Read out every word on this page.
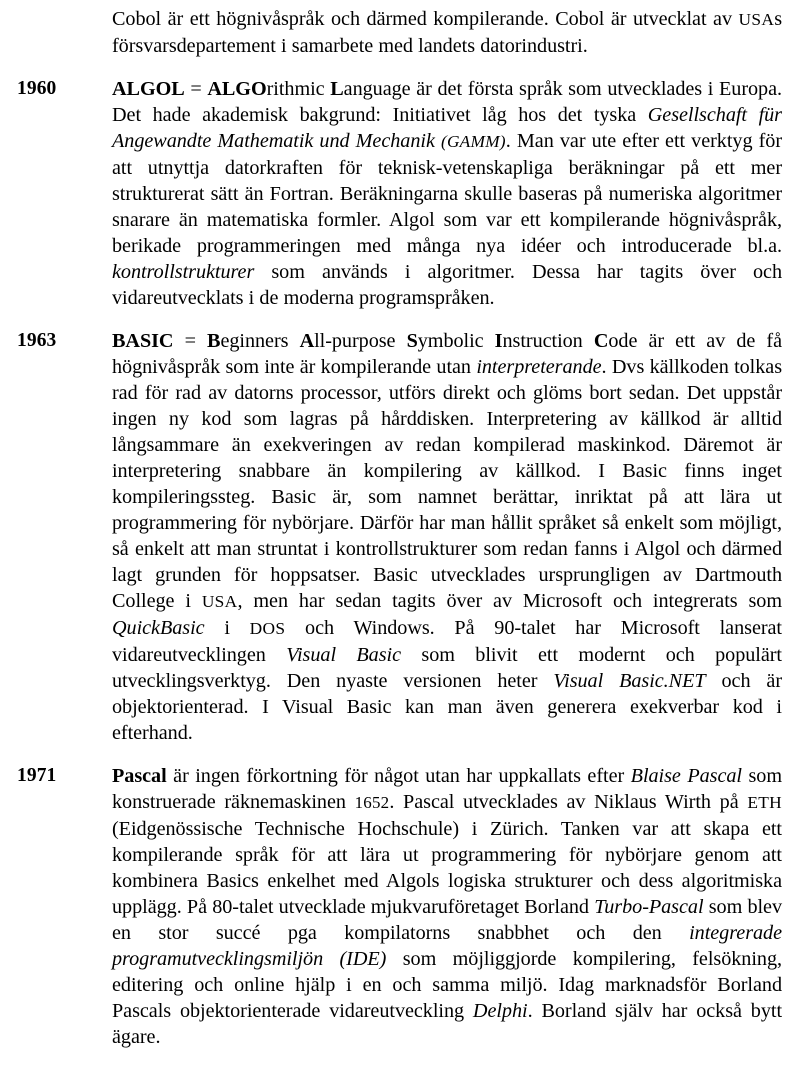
Cobol är ett högnivåspråk och därmed kompilerande. Cobol är utvecklat av USAs försvarsdepartement i samarbete med landets datorindustri.

1960	ALGOL = ALGOrithmic Language är det första språk som utvecklades i Europa. Det hade akademisk bakgrund: Initiativet låg hos det tyska Gesellschaft für Angewandte Mathematik und Mechanik (GAMM). Man var ute efter ett verktyg för att utnyttja datorkraften för teknisk-vetenskapliga beräkningar på ett mer strukturerat sätt än Fortran. Beräkningarna skulle baseras på numeriska algoritmer snarare än matematiska formler. Algol som var ett kompilerande högnivåspråk, berikade programmeringen med många nya idéer och introducerade bl.a. kontrollstrukturer som används i algoritmer. Dessa har tagits över och vidareutvecklats i de moderna programspråken.

1963	BASIC = Beginners All-purpose Symbolic Instruction Code är ett av de få högnivåspråk som inte är kompilerande utan interpreterande. Dvs källkoden tolkas rad för rad av datorns processor, utförs direkt och glöms bort sedan. Det uppstår ingen ny kod som lagras på hårddisken. Interpretering av källkod är alltid långsammare än exekveringen av redan kompilerad maskinkod. Däremot är interpretering snabbare än kompilering av källkod. I Basic finns inget kompileringssteg. Basic är, som namnet berättar, inriktat på att lära ut programmering för nybörjare. Därför har man hållit språket så enkelt som möjligt, så enkelt att man struntat i kontrollstrukturer som redan fanns i Algol och därmed lagt grunden för hoppsatser. Basic utvecklades ursprungligen av Dartmouth College i USA, men har sedan tagits över av Microsoft och integrerats som QuickBasic i DOS och Windows. På 90-talet har Microsoft lanserat vidareutvecklingen Visual Basic som blivit ett modernt och populärt utvecklingsverktyg. Den nyaste versionen heter Visual Basic.NET och är objektorienterad. I Visual Basic kan man även generera exekverbar kod i efterhand.

1971	Pascal är ingen förkortning för något utan har uppkallats efter Blaise Pascal som konstruerade räknemaskinen 1652. Pascal utvecklades av Niklaus Wirth på ETH (Eidgenössische Technische Hochschule) i Zürich. Tanken var att skapa ett kompilerande språk för att lära ut programmering för nybörjare genom att kombinera Basics enkelhet med Algols logiska strukturer och dess algoritmiska upplägg. På 80-talet utvecklade mjukvaruföretaget Borland Turbo-Pascal som blev en stor succé pga kompilatorns snabbhet och den integrerade programutvecklingsmiljön (IDE) som möjliggjorde kompilering, felsökning, editering och online hjälp i en och samma miljö. Idag marknadsför Borland Pascals objektorienterade vidareutveckling Delphi. Borland själv har också bytt ägare.
